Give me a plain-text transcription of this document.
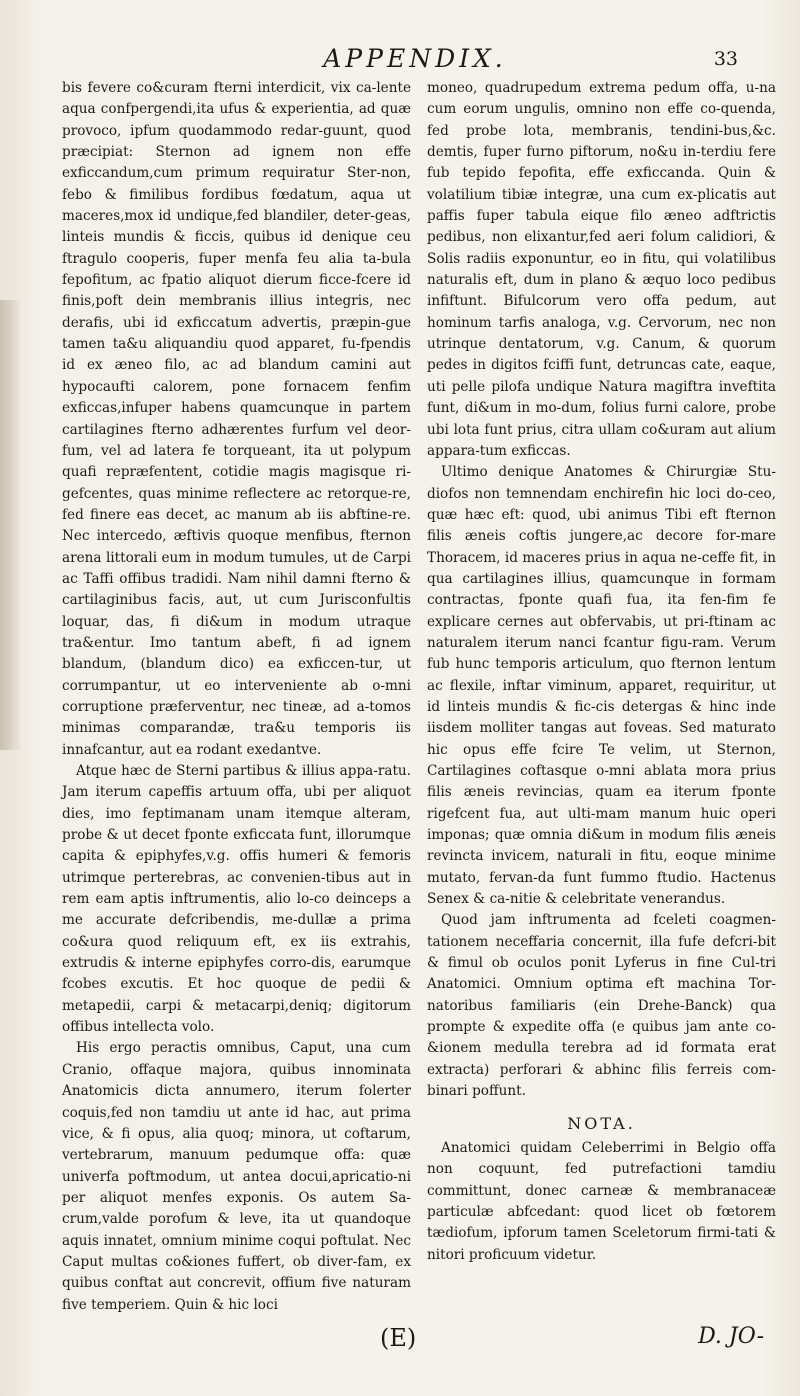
APPENDIX.	33

bis fevere co&curam fterni interdicit, vix ca-lente aqua confpergendi,ita ufus & experientia, ad quæ provoco, ipfum quodammodo redar-guunt, quod præcipiat: Sternon ad ignem non effe exficcandum,cum primum requiratur Ster-non, febo & fimilibus fordibus fœdatum, aqua ut maceres,mox id undique,fed blandiler, deter-geas, linteis mundis & ficcis, quibus id denique ceu ftragulo cooperis, fuper menfa feu alia ta-bula fepofitum, ac fpatio aliquot dierum ficce-fcere id finis,poft dein membranis illius integris, nec derafis, ubi id exficcatum advertis, præpin-gue tamen ta&u aliquandiu quod apparet, fu-fpendis id ex æneo filo, ac ad blandum camini aut hypocaufti calorem, pone fornacem fenfim exficcas,infuper habens quamcunque in partem cartilagines fterno adhærentes furfum vel deor-fum, vel ad latera fe torqueant, ita ut polypum quafi repræfentent, cotidie magis magisque ri-gefcentes, quas minime reflectere ac retorque-re, fed finere eas decet, ac manum ab iis abftine-re. Nec intercedo, æftivis quoque menfibus, fternon arena littorali eum in modum tumules, ut de Carpi ac Taffi offibus tradidi. Nam nihil damni fterno & cartilaginibus facis, aut, ut cum Jurisconfultis loquar, das, fi di&um in modum utraque tra&entur. Imo tantum abeft, fi ad ignem blandum, (blandum dico) ea exficcen-tur, ut corrumpantur, ut eo interveniente ab o-mni corruptione præferventur, nec tineæ, ad a-tomos minimas comparandæ, tra&u temporis iis innafcantur, aut ea rodant exedantve.

Atque hæc de Sterni partibus & illius appa-ratu. Jam iterum capeffis artuum offa, ubi per aliquot dies, imo feptimanam unam itemque alteram, probe & ut decet fponte exficcata funt, illorumque capita & epiphyfes,v.g. offis humeri & femoris utrimque perterebras, ac convenien-tibus aut in rem eam aptis inftrumentis, alio lo-co deinceps a me accurate defcribendis, me-dullæ a prima co&ura quod reliquum eft, ex iis extrahis, extrudis & interne epiphyfes corro-dis, earumque fcobes excutis. Et hoc quoque de pedii & metapedii, carpi & metacarpi,deniq; digitorum offibus intellecta volo.

His ergo peractis omnibus, Caput, una cum Cranio, offaque majora, quibus innominata Anatomicis dicta annumero, iterum folerter coquis,fed non tamdiu ut ante id hac, aut prima vice, & fi opus, alia quoq; minora, ut coftarum, vertebrarum, manuum pedumque offa: quæ univerfa poftmodum, ut antea docui,apricatio-ni per aliquot menfes exponis. Os autem Sa-crum,valde porofum & leve, ita ut quandoque aquis innatet, omnium minime coqui poftulat. Nec Caput multas co&iones fuffert, ob diver-fam, ex quibus conftat aut concrevit, offium five naturam five temperiem. Quin & hic loci

moneo, quadrupedum extrema pedum offa, u-na cum eorum ungulis, omnino non effe co-quenda, fed probe lota, membranis, tendini-bus,&c. demtis, fuper furno piftorum, no&u in-terdiu fere fub tepido fepofita, effe exficcanda. Quin & volatilium tibiæ integræ, una cum ex-plicatis aut paffis fuper tabula eique filo æneo adftrictis pedibus, non elixantur,fed aeri folum calidiori, & Solis radiis exponuntur, eo in fitu, qui volatilibus naturalis eft, dum in plano & æquo loco pedibus infiftunt. Bifulcorum vero offa pedum, aut hominum tarfis analoga, v.g. Cervorum, nec non utrinque dentatorum, v.g. Canum, & quorum pedes in digitos fciffi funt, detruncas cate, eaque, uti pelle pilofa undique Natura magiftra inveftita funt, di&um in mo-dum, folius furni calore, probe ubi lota funt prius, citra ullam co&uram aut alium appara-tum exficcas.

Ultimo denique Anatomes & Chirurgiæ Stu-diofos non temnendam enchirefin hic loci do-ceo, quæ hæc eft: quod, ubi animus Tibi eft fternon filis æneis coftis jungere,ac decore for-mare Thoracem, id maceres prius in aqua ne-ceffe fit, in qua cartilagines illius, quamcunque in formam contractas, fponte quafi fua, ita fen-fim fe explicare cernes aut obfervabis, ut pri-ftinam ac naturalem iterum nanci fcantur figu-ram. Verum fub hunc temporis articulum, quo fternon lentum ac flexile, inftar viminum, apparet, requiritur, ut id linteis mundis & fic-cis detergas & hinc inde iisdem molliter tangas aut foveas. Sed maturato hic opus effe fcire Te velim, ut Sternon, Cartilagines coftasque o-mni ablata mora prius filis æneis revincias, quam ea iterum fponte rigefcent fua, aut ulti-mam manum huic operi imponas; quæ omnia di&um in modum filis æneis revincta invicem, naturali in fitu, eoque minime mutato, fervan-da funt fummo ftudio. Hactenus Senex & ca-nitie & celebritate venerandus.

Quod jam inftrumenta ad fceleti coagmen-tationem neceffaria concernit, illa fufe defcri-bit & fimul ob oculos ponit Lyferus in fine Cul-tri Anatomici. Omnium optima eft machina Tor-natoribus familiaris (ein Drehe-Banck) qua prompte & expedite offa (e quibus jam ante co-&ionem medulla terebra ad id formata erat extracta) perforari & abhinc filis ferreis com-binari poffunt.

NOTA.

Anatomici quidam Celeberrimi in Belgio offa non coquunt, fed putrefactioni tamdiu committunt, donec carneæ & membranaceæ particulæ abfcedant: quod licet ob fœtorem tædiofum, ipforum tamen Sceletorum firmi-tati & nitori proficuum videtur.

(E)	D. JO-
